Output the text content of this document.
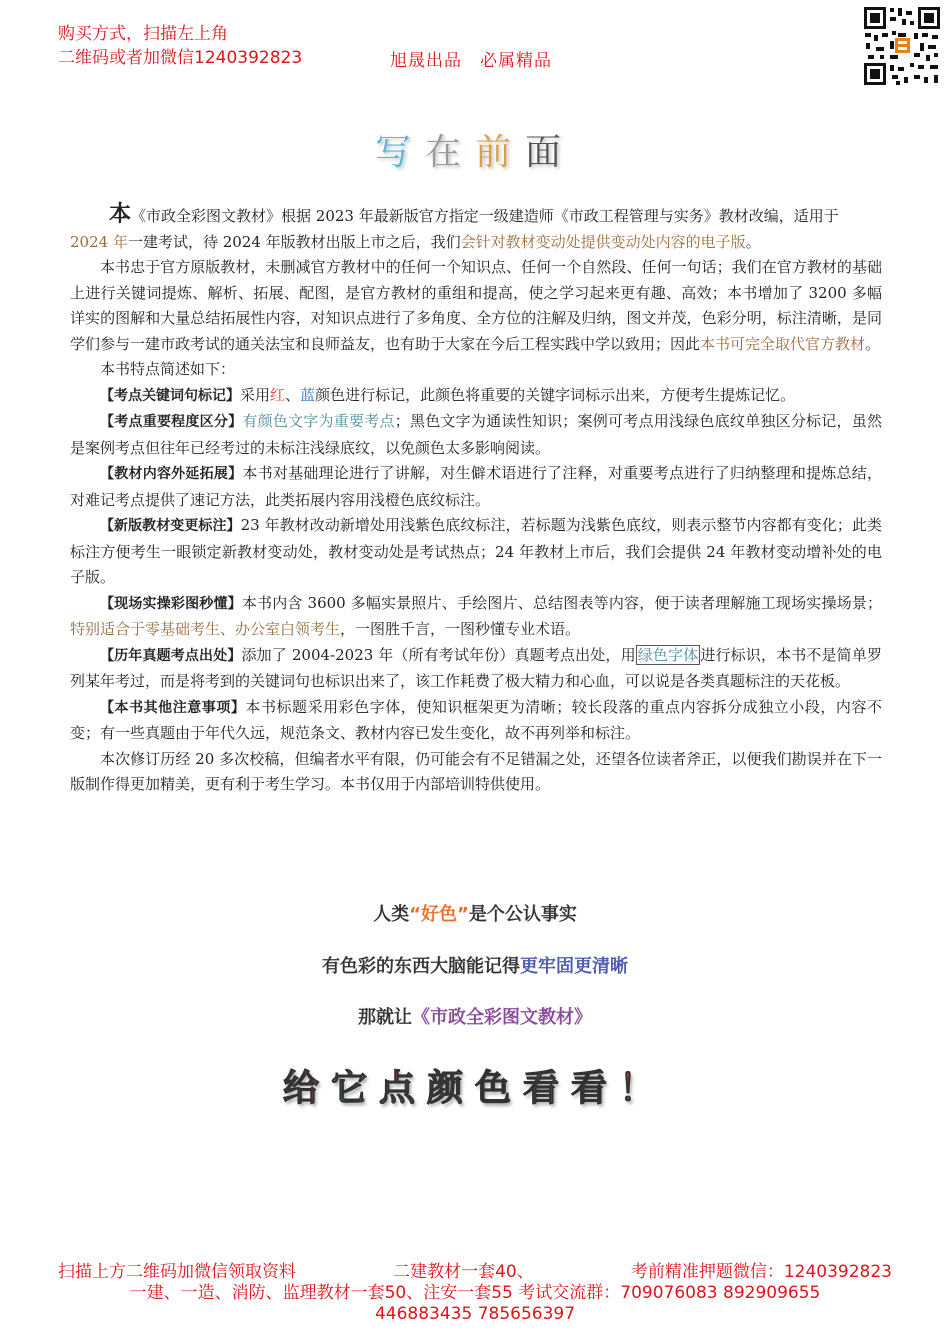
购买方式，扫描左上角
二维码或者加微信1240392823	旭晟出品　必属精品
写在前面

本《市政全彩图文教材》根据 2023 年最新版官方指定一级建造师《市政工程管理与实务》教材改编，适用于

2024 年一建考试，待 2024 年版教材出版上市之后，我们会针对教材变动处提供变动处内容的电子版。

本书忠于官方原版教材，未删减官方教材中的任何一个知识点、任何一个自然段、任何一句话；我们在官方教材的基础上进行关键词提炼、解析、拓展、配图，是官方教材的重组和提高，使之学习起来更有趣、高效；本书增加了 3200 多幅详实的图解和大量总结拓展性内容，对知识点进行了多角度、全方位的注解及归纳，图文并茂，色彩分明，标注清晰，是同学们参与一建市政考试的通关法宝和良师益友，也有助于大家在今后工程实践中学以致用；因此本书可完全取代官方教材。

本书特点简述如下：

【考点关键词句标记】采用红、蓝颜色进行标记，此颜色将重要的关键字词标示出来，方便考生提炼记忆。

【考点重要程度区分】有颜色文字为重要考点；黑色文字为通读性知识；案例可考点用浅绿色底纹单独区分标记，虽然是案例考点但往年已经考过的未标注浅绿底纹，以免颜色太多影响阅读。

【教材内容外延拓展】本书对基础理论进行了讲解，对生僻术语进行了注释，对重要考点进行了归纳整理和提炼总结，对难记考点提供了速记方法，此类拓展内容用浅橙色底纹标注。

【新版教材变更标注】23 年教材改动新增处用浅紫色底纹标注，若标题为浅紫色底纹，则表示整节内容都有变化；此类标注方便考生一眼锁定新教材变动处，教材变动处是考试热点；24 年教材上市后，我们会提供 24 年教材变动增补处的电子版。

【现场实操彩图秒懂】本书内含 3600 多幅实景照片、手绘图片、总结图表等内容，便于读者理解施工现场实操场景；特别适合于零基础考生、办公室白领考生，一图胜千言，一图秒懂专业术语。

【历年真题考点出处】添加了 2004-2023 年（所有考试年份）真题考点出处，用 绿色字体 进行标识，本书不是简单罗列某年考过，而是将考到的关键词句也标识出来了，该工作耗费了极大精力和心血，可以说是各类真题标注的天花板。

【本书其他注意事项】本书标题采用彩色字体，使知识框架更为清晰；较长段落的重点内容拆分成独立小段，内容不变；有一些真题由于年代久远，规范条文、教材内容已发生变化，故不再列举和标注。

本次修订历经 20 多次校稿，但编者水平有限，仍可能会有不足错漏之处，还望各位读者斧正，以便我们勘误并在下一版制作得更加精美，更有利于考生学习。本书仅用于内部培训特供使用。

人类“好色”是个公认事实
有色彩的东西大脑能记得更牢固更清晰
那就让《市政全彩图文教材》
给它点颜色看看！
扫描上方二维码加微信领取资料	二建教材一套40、	考前精准押题微信：1240392823
一建、一造、消防、监理教材一套50、注安一套55 考试交流群：709076083 892909655
446883435 785656397
